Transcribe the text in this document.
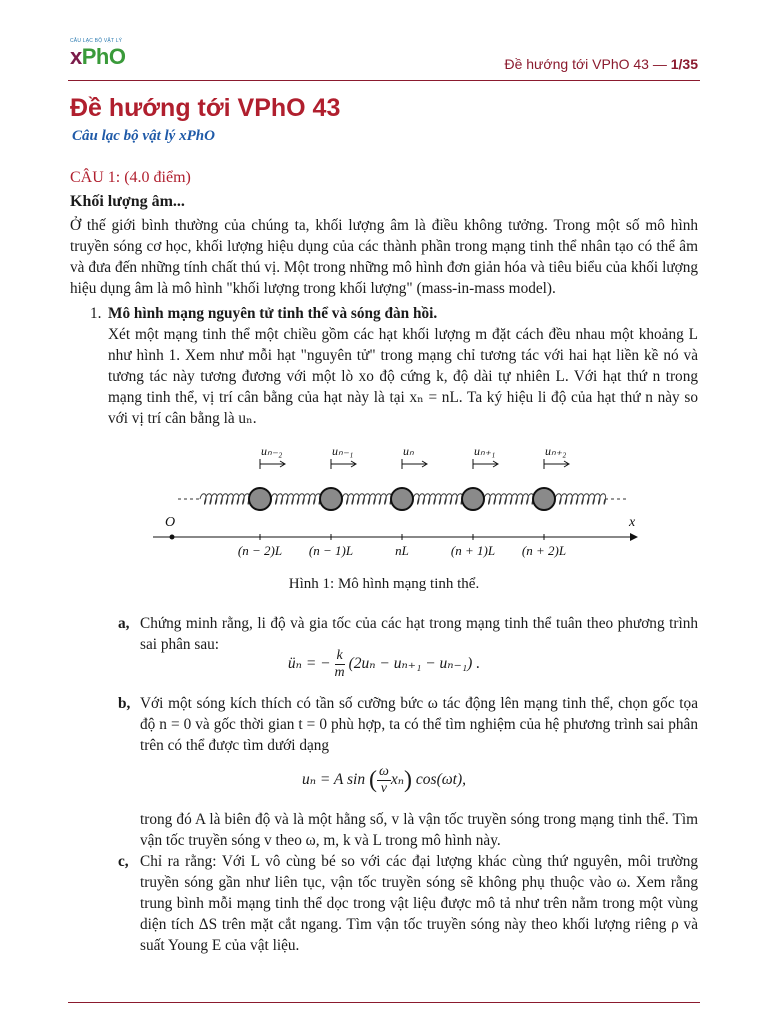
CÂU LẠC BỘ VẬT LÝ
xPhO	Đề hướng tới VPhO 43 — 1/35
Đề hướng tới VPhO 43
Câu lạc bộ vật lý xPhO
CÂU 1: (4.0 điểm)
Khối lượng âm...
Ở thế giới bình thường của chúng ta, khối lượng âm là điều không tưởng. Trong một số mô hình truyền sóng cơ học, khối lượng hiệu dụng của các thành phần trong mạng tinh thể nhân tạo có thể âm và đưa đến những tính chất thú vị. Một trong những mô hình đơn giản hóa và tiêu biểu của khối lượng hiệu dụng âm là mô hình "khối lượng trong khối lượng" (mass-in-mass model).
1. Mô hình mạng nguyên tử tinh thể và sóng đàn hồi.
Xét một mạng tinh thể một chiều gồm các hạt khối lượng m đặt cách đều nhau một khoảng L như hình 1. Xem như mỗi hạt "nguyên tử" trong mạng chỉ tương tác với hai hạt liền kề nó và tương tác này tương đương với một lò xo độ cứng k, độ dài tự nhiên L. Với hạt thứ n trong mạng tinh thể, vị trí cân bằng của hạt này là tại xₙ = nL. Ta ký hiệu li độ của hạt thứ n này so với vị trí cân bằng là uₙ.
uₙ₋₂	uₙ₋₁	uₙ	uₙ₊₁	uₙ₊₂
O	x
(n − 2)L (n − 1)L	nL	(n + 1)L (n + 2)L
Hình 1: Mô hình mạng tinh thể.
a, Chứng minh rằng, li độ và gia tốc của các hạt trong mạng tinh thể tuân theo phương trình sai phân sau:
üₙ = − $\frac{k}{m} (2u_n - u_{n+1} - u_{n-1})$ .
b, Với một sóng kích thích có tần số cưỡng bức ω tác động lên mạng tinh thể, chọn gốc tọa độ n = 0 và gốc thời gian t = 0 phù hợp, ta có thể tìm nghiệm của hệ phương trình sai phân trên có thể được tìm dưới dạng
uₙ = A sin ( $\frac{\omega}{v} x_n$) cos(ωt),
trong đó A là biên độ và là một hằng số, v là vận tốc truyền sóng trong mạng tinh thể. Tìm vận tốc truyền sóng v theo ω, m, k và L trong mô hình này.
c, Chỉ ra rằng: Với L vô cùng bé so với các đại lượng khác cùng thứ nguyên, môi trường truyền sóng gần như liên tục, vận tốc truyền sóng sẽ không phụ thuộc vào ω. Xem rằng trung bình mỗi mạng tinh thể dọc trong vật liệu được mô tả như trên nằm trong một vùng diện tích ΔS trên mặt cắt ngang. Tìm vận tốc truyền sóng này theo khối lượng riêng ρ và suất Young E của vật liệu.
